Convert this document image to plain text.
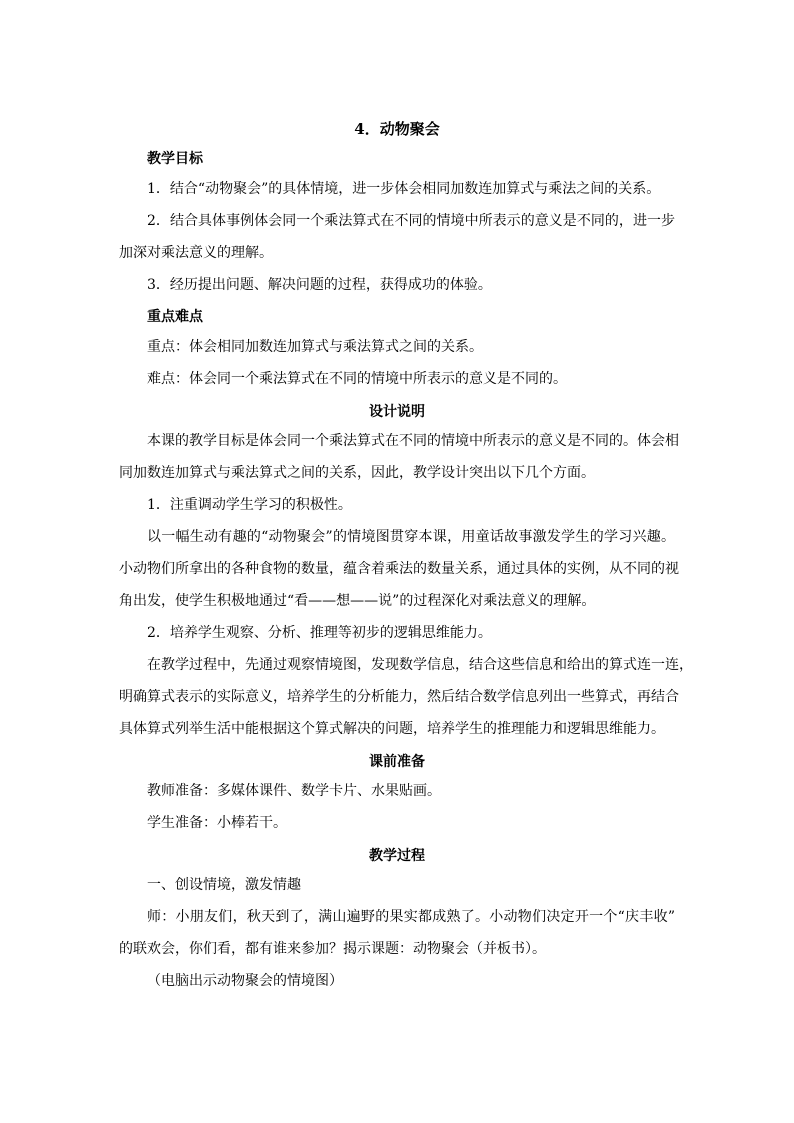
4．动物聚会

教学目标

1．结合“动物聚会”的具体情境，进一步体会相同加数连加算式与乘法之间的关系。

2．结合具体事例体会同一个乘法算式在不同的情境中所表示的意义是不同的，进一步

加深对乘法意义的理解。

3．经历提出问题、解决问题的过程，获得成功的体验。

重点难点

重点：体会相同加数连加算式与乘法算式之间的关系。

难点：体会同一个乘法算式在不同的情境中所表示的意义是不同的。

设计说明

本课的教学目标是体会同一个乘法算式在不同的情境中所表示的意义是不同的。体会相

同加数连加算式与乘法算式之间的关系，因此，教学设计突出以下几个方面。

1．注重调动学生学习的积极性。

以一幅生动有趣的“动物聚会”的情境图贯穿本课，用童话故事激发学生的学习兴趣。

小动物们所拿出的各种食物的数量，蕴含着乘法的数量关系，通过具体的实例，从不同的视

角出发，使学生积极地通过“看——想——说”的过程深化对乘法意义的理解。

2．培养学生观察、分析、推理等初步的逻辑思维能力。

在教学过程中，先通过观察情境图，发现数学信息，结合这些信息和给出的算式连一连，

明确算式表示的实际意义，培养学生的分析能力，然后结合数学信息列出一些算式，再结合

具体算式列举生活中能根据这个算式解决的问题，培养学生的推理能力和逻辑思维能力。

课前准备

教师准备：多媒体课件、数学卡片、水果贴画。

学生准备：小棒若干。

教学过程

一、创设情境，激发情趣

师：小朋友们，秋天到了，满山遍野的果实都成熟了。小动物们决定开一个“庆丰收”

的联欢会，你们看，都有谁来参加？揭示课题：动物聚会（并板书）。

（电脑出示动物聚会的情境图）
